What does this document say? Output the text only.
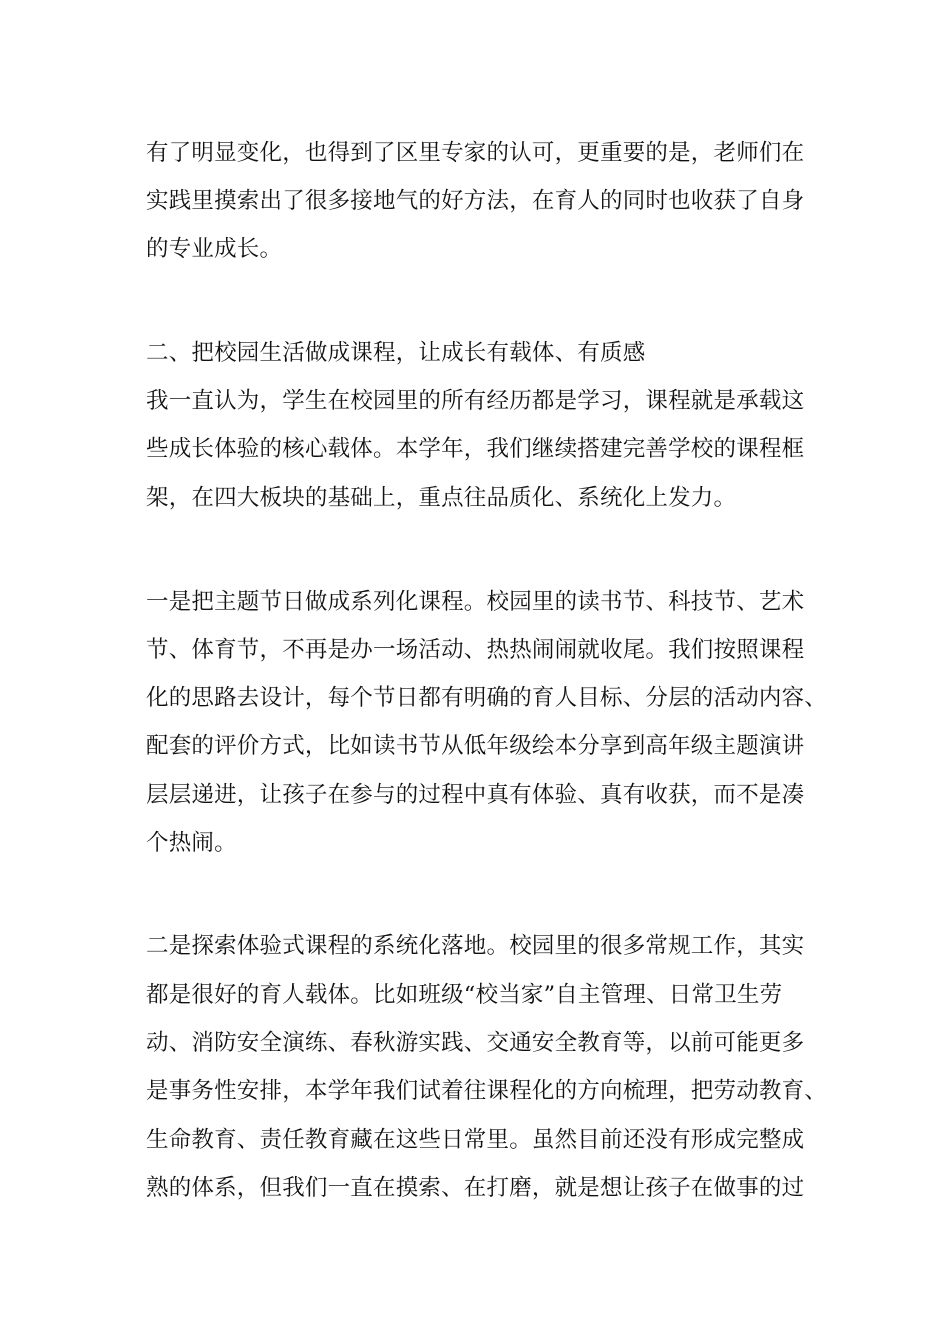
有了明显变化，也得到了区里专家的认可，更重要的是，老师们在
实践里摸索出了很多接地气的好方法，在育人的同时也收获了自身
的专业成长。
二、把校园生活做成课程，让成长有载体、有质感
我一直认为，学生在校园里的所有经历都是学习，课程就是承载这
些成长体验的核心载体。本学年，我们继续搭建完善学校的课程框
架，在四大板块的基础上，重点往品质化、系统化上发力。
一是把主题节日做成系列化课程。校园里的读书节、科技节、艺术
节、体育节，不再是办一场活动、热热闹闹就收尾。我们按照课程
化的思路去设计，每个节日都有明确的育人目标、分层的活动内容、
配套的评价方式，比如读书节从低年级绘本分享到高年级主题演讲
层层递进，让孩子在参与的过程中真有体验、真有收获，而不是凑
个热闹。
二是探索体验式课程的系统化落地。校园里的很多常规工作，其实
都是很好的育人载体。比如班级“校当家”自主管理、日常卫生劳
动、消防安全演练、春秋游实践、交通安全教育等，以前可能更多
是事务性安排，本学年我们试着往课程化的方向梳理，把劳动教育、
生命教育、责任教育藏在这些日常里。虽然目前还没有形成完整成
熟的体系，但我们一直在摸索、在打磨，就是想让孩子在做事的过
